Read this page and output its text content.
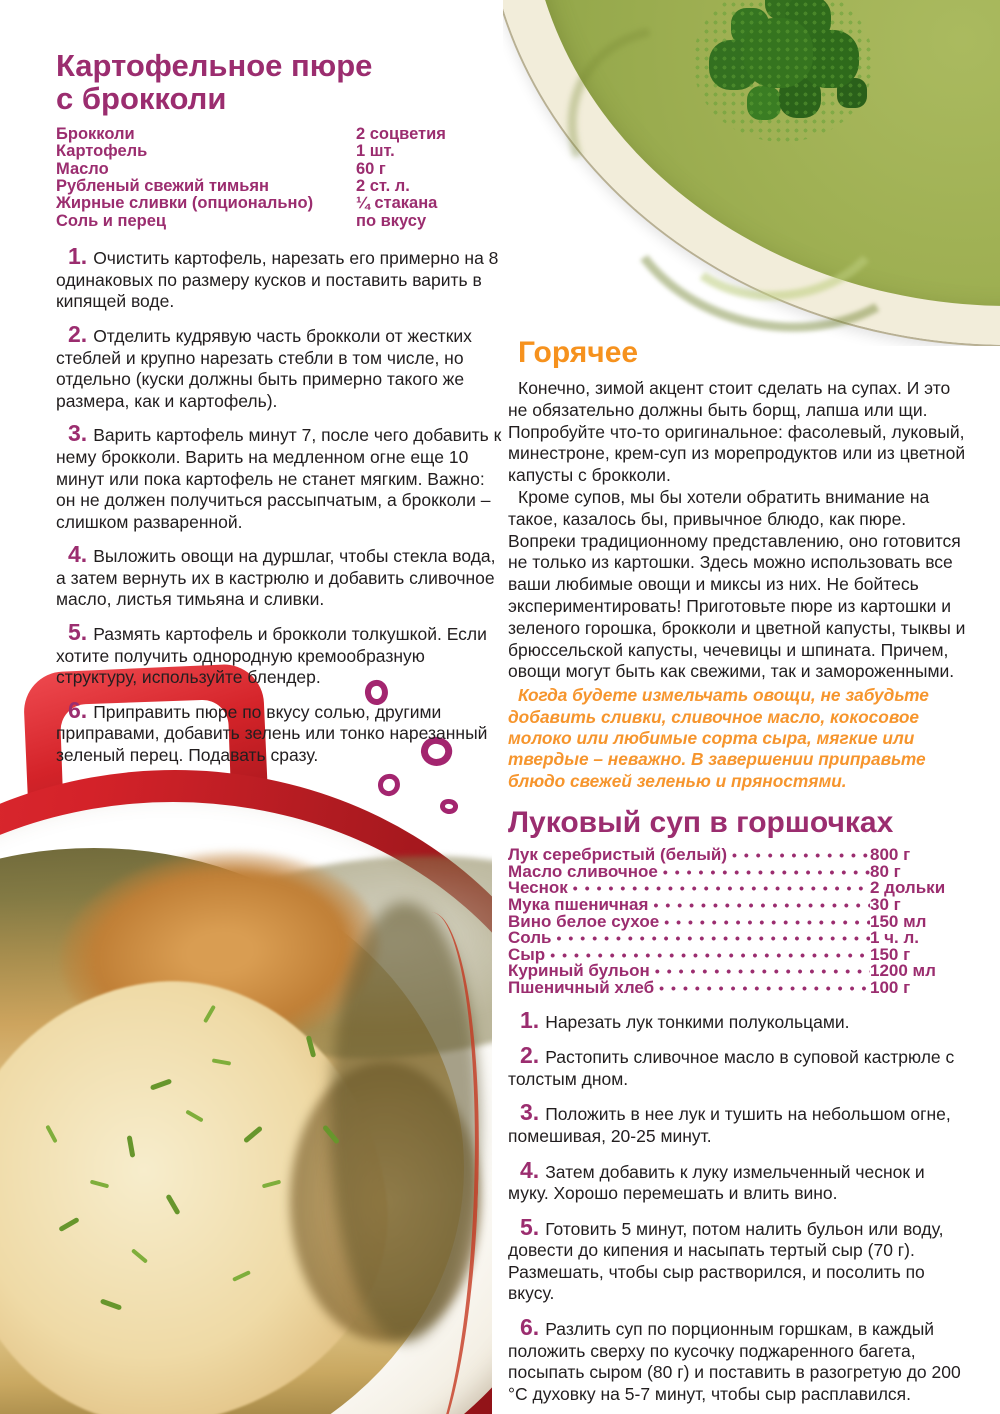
Картофельное пюре
с брокколи
Брокколи	2 соцветия
Картофель	1 шт.
Масло	60 г
Рубленый свежий тимьян	2 ст. л.
Жирные сливки (опционально)	¼ стакана
Соль и перец	по вкусу

1. Очистить картофель, нарезать его примерно на 8 одинаковых по размеру кусков и поставить варить в кипящей воде.

2. Отделить кудрявую часть брокколи от жестких стеблей и крупно нарезать стебли в том числе, но отдельно (куски должны быть примерно такого же размера, как и картофель).

3. Варить картофель минут 7, после чего добавить к нему брокколи. Варить на медленном огне еще 10 минут или пока картофель не станет мягким. Важно: он не должен получиться рассыпчатым, а брокколи – слишком разваренной.

4. Выложить овощи на дуршлаг, чтобы стекла вода, а затем вернуть их в кастрюлю и добавить сливочное масло, листья тимьяна и сливки.

5. Размять картофель и брокколи толкушкой. Если хотите получить однородную кремообразную структуру, используйте блендер.

6. Приправить пюре по вкусу солью, другими приправами, добавить зелень или тонко нарезанный зеленый перец. Подавать сразу.

Горячее

Конечно, зимой акцент стоит сделать на супах. И это не обязательно должны быть борщ, лапша или щи. Попробуйте что-то оригинальное: фасолевый, луковый, минестроне, крем-суп из морепродуктов или из цветной капусты с брокколи.

Кроме супов, мы бы хотели обратить внимание на такое, казалось бы, привычное блюдо, как пюре. Вопреки традиционному представлению, оно готовится не только из картошки. Здесь можно использовать все ваши любимые овощи и миксы из них. Не бойтесь экспериментировать! Приготовьте пюре из картошки и зеленого горошка, брокколи и цветной капусты, тыквы и брюссельской капусты, чечевицы и шпината. Причем, овощи могут быть как свежими, так и замороженными.

Когда будете измельчать овощи, не забудьте добавить сливки, сливочное масло, кокосовое молоко или любимые сорта сыра, мягкие или твердые – неважно. В завершении приправьте блюдо свежей зеленью и пряностями.

Луковый суп в горшочках
Лук серебристый (белый) •••••	800 г
Масло сливочное •••••	80 г
Чеснок •••••	2 дольки
Мука пшеничная •••••	30 г
Вино белое сухое •••••	150 мл
Соль •••••	1 ч. л.
Сыр •••••	150 г
Куриный бульон •••••	1200 мл
Пшеничный хлеб •••••	100 г

1. Нарезать лук тонкими полукольцами.

2. Растопить сливочное масло в суповой кастрюле с толстым дном.

3. Положить в нее лук и тушить на небольшом огне, помешивая, 20-25 минут.

4. Затем добавить к луку измельченный чеснок и муку. Хорошо перемешать и влить вино.

5. Готовить 5 минут, потом налить бульон или воду, довести до кипения и насыпать тертый сыр (70 г). Размешать, чтобы сыр растворился, и посолить по вкусу.

6. Разлить суп по порционным горшкам, в каждый положить сверху по кусочку поджаренного багета, посыпать сыром (80 г) и поставить в разогретую до 200 °C духовку на 5-7 минут, чтобы сыр расплавился.
